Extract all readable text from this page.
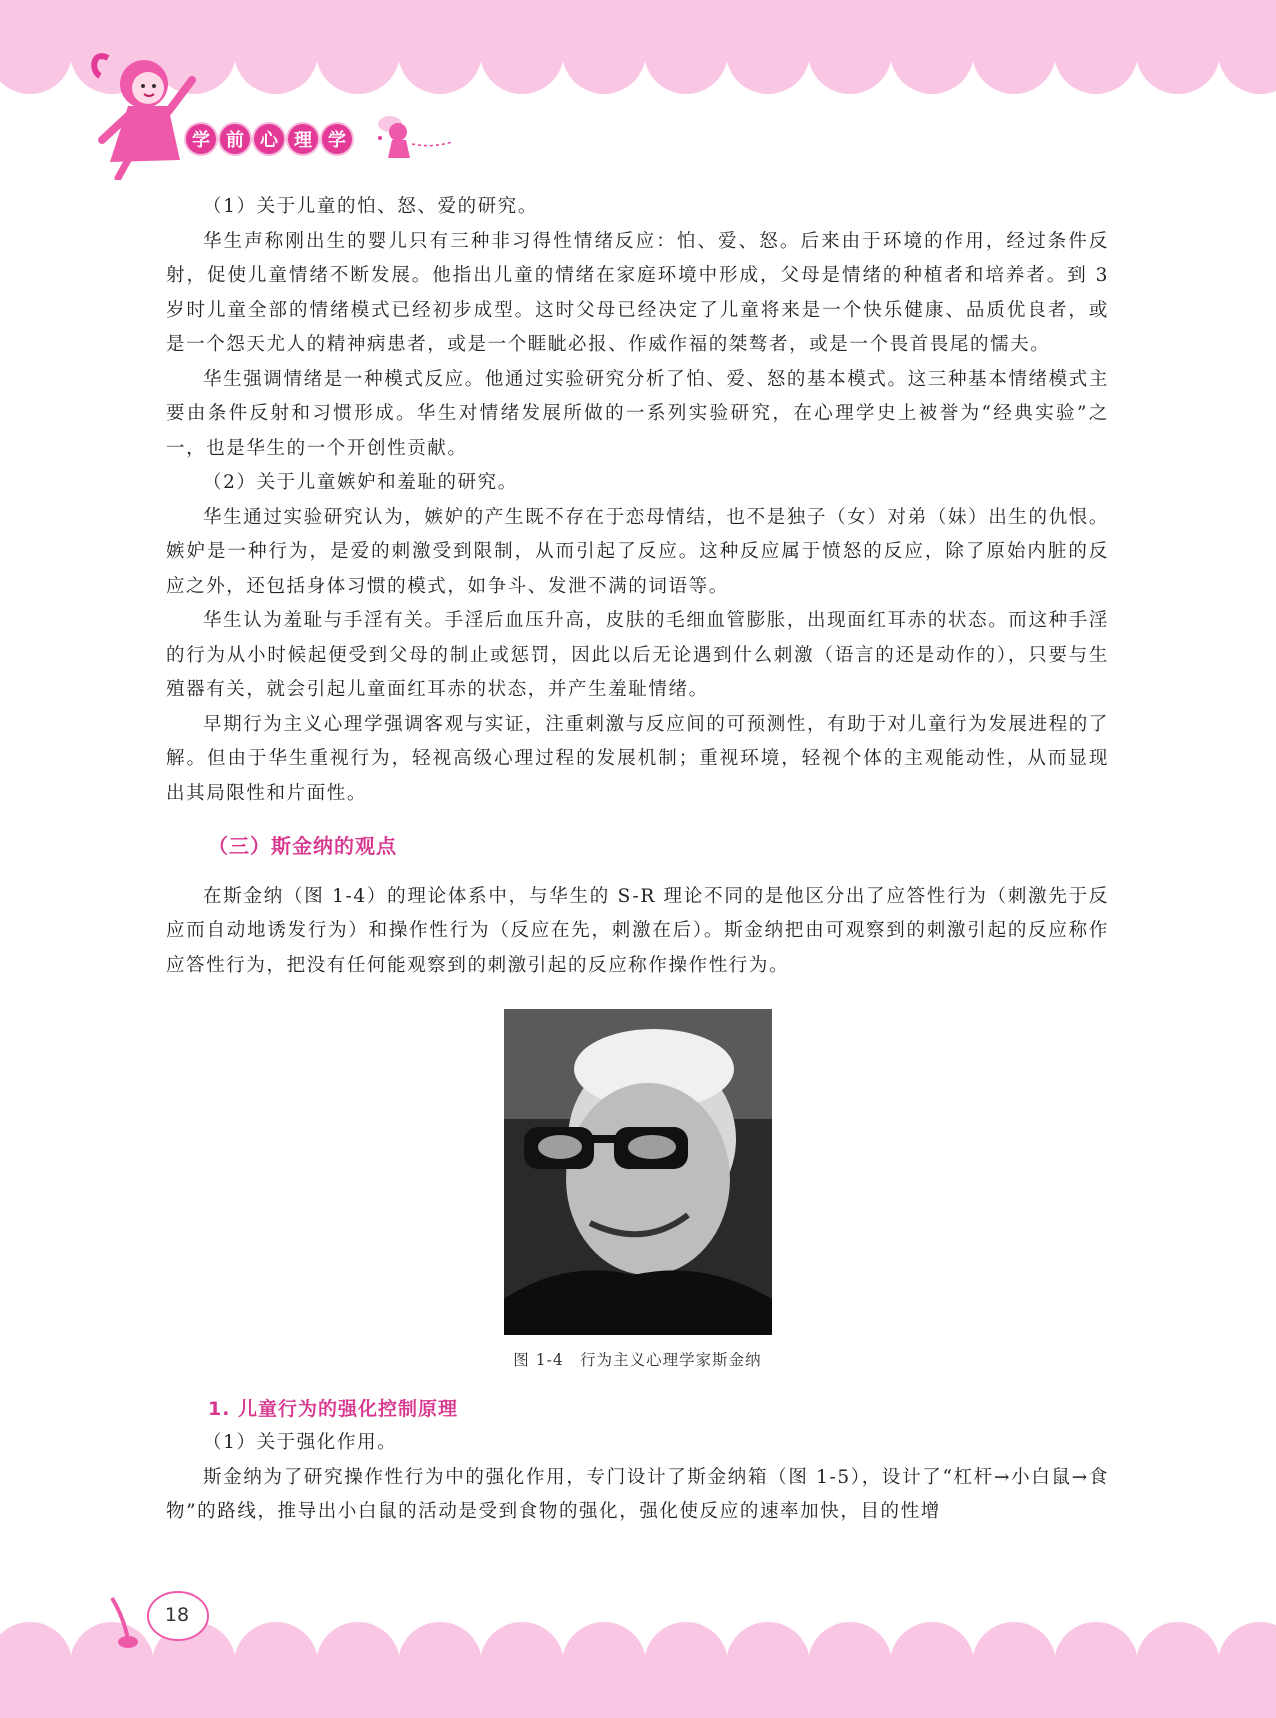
学 前 心 理 学

（1）关于儿童的怕、怒、爱的研究。

华生声称刚出生的婴儿只有三种非习得性情绪反应：怕、爱、怒。后来由于环境的作用，经过条件反射，促使儿童情绪不断发展。他指出儿童的情绪在家庭环境中形成，父母是情绪的种植者和培养者。到 3 岁时儿童全部的情绪模式已经初步成型。这时父母已经决定了儿童将来是一个快乐健康、品质优良者，或是一个怨天尤人的精神病患者，或是一个睚眦必报、作威作福的桀骜者，或是一个畏首畏尾的懦夫。

华生强调情绪是一种模式反应。他通过实验研究分析了怕、爱、怒的基本模式。这三种基本情绪模式主要由条件反射和习惯形成。华生对情绪发展所做的一系列实验研究，在心理学史上被誉为“经典实验”之一，也是华生的一个开创性贡献。

（2）关于儿童嫉妒和羞耻的研究。

华生通过实验研究认为，嫉妒的产生既不存在于恋母情结，也不是独子（女）对弟（妹）出生的仇恨。嫉妒是一种行为，是爱的刺激受到限制，从而引起了反应。这种反应属于愤怒的反应，除了原始内脏的反应之外，还包括身体习惯的模式，如争斗、发泄不满的词语等。

华生认为羞耻与手淫有关。手淫后血压升高，皮肤的毛细血管膨胀，出现面红耳赤的状态。而这种手淫的行为从小时候起便受到父母的制止或惩罚，因此以后无论遇到什么刺激（语言的还是动作的），只要与生殖器有关，就会引起儿童面红耳赤的状态，并产生羞耻情绪。

早期行为主义心理学强调客观与实证，注重刺激与反应间的可预测性，有助于对儿童行为发展进程的了解。但由于华生重视行为，轻视高级心理过程的发展机制；重视环境，轻视个体的主观能动性，从而显现出其局限性和片面性。

（三）斯金纳的观点

在斯金纳（图 1-4）的理论体系中，与华生的 S-R 理论不同的是他区分出了应答性行为（刺激先于反应而自动地诱发行为）和操作性行为（反应在先，刺激在后）。斯金纳把由可观察到的刺激引起的反应称作应答性行为，把没有任何能观察到的刺激引起的反应称作操作性行为。

图 1-4　行为主义心理学家斯金纳
1. 儿童行为的强化控制原理

（1）关于强化作用。

斯金纳为了研究操作性行为中的强化作用，专门设计了斯金纳箱（图 1-5），设计了“杠杆→小白鼠→食物”的路线，推导出小白鼠的活动是受到食物的强化，强化使反应的速率加快，目的性增

18
